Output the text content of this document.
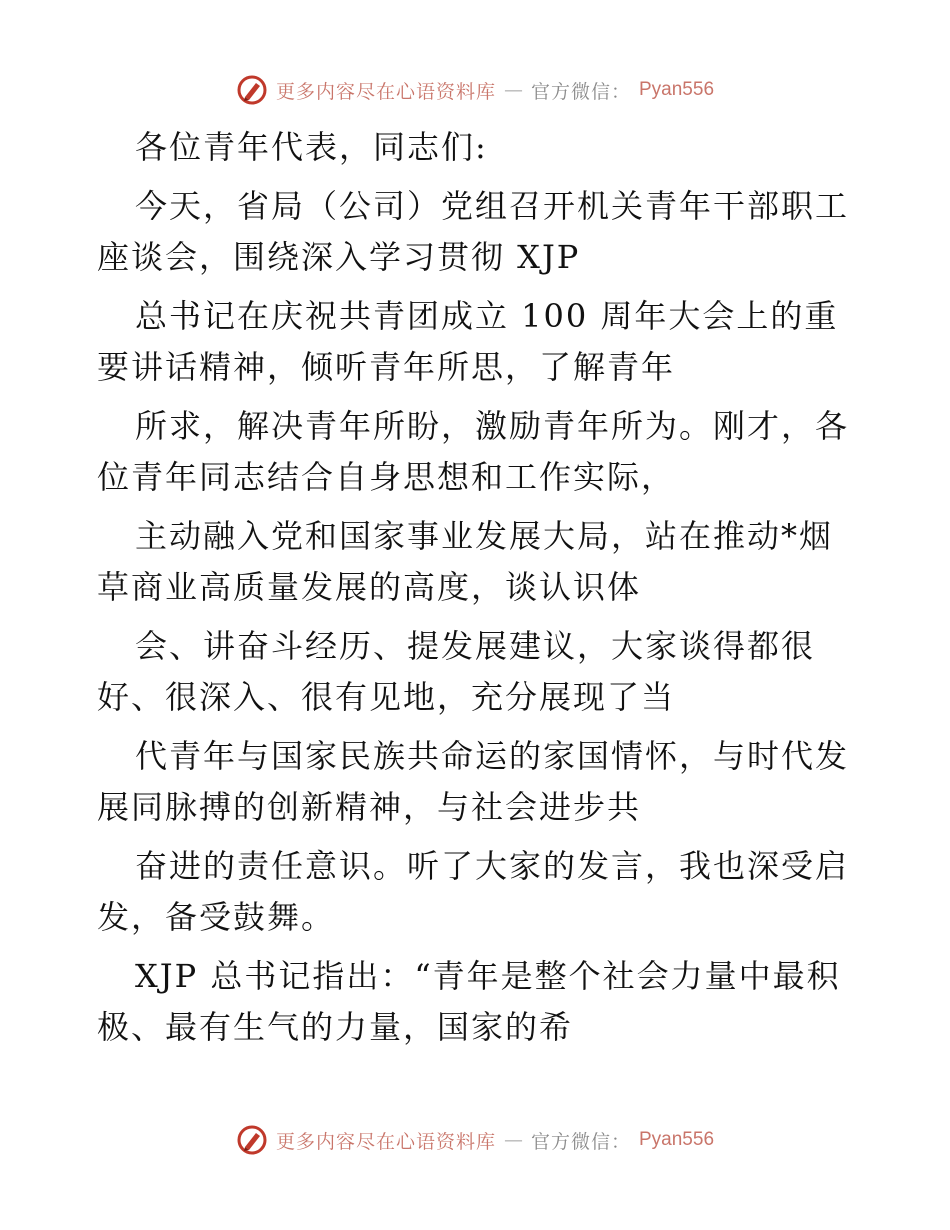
更多内容尽在心语资料库 — 官方微信： Pyan556
各位青年代表，同志们:
今天，省局（公司）党组召开机关青年干部职工
座谈会，围绕深入学习贯彻 XJP
总书记在庆祝共青团成立 100 周年大会上的重
要讲话精神，倾听青年所思，了解青年
所求，解决青年所盼，激励青年所为。刚才，各
位青年同志结合自身思想和工作实际，
主动融入党和国家事业发展大局，站在推动*烟
草商业高质量发展的高度，谈认识体
会、讲奋斗经历、提发展建议，大家谈得都很
好、很深入、很有见地，充分展现了当
代青年与国家民族共命运的家国情怀，与时代发
展同脉搏的创新精神，与社会进步共
奋进的责任意识。听了大家的发言，我也深受启
发，备受鼓舞。
XJP 总书记指出：“青年是整个社会力量中最积
极、最有生气的力量，国家的希
更多内容尽在心语资料库 — 官方微信： Pyan556
